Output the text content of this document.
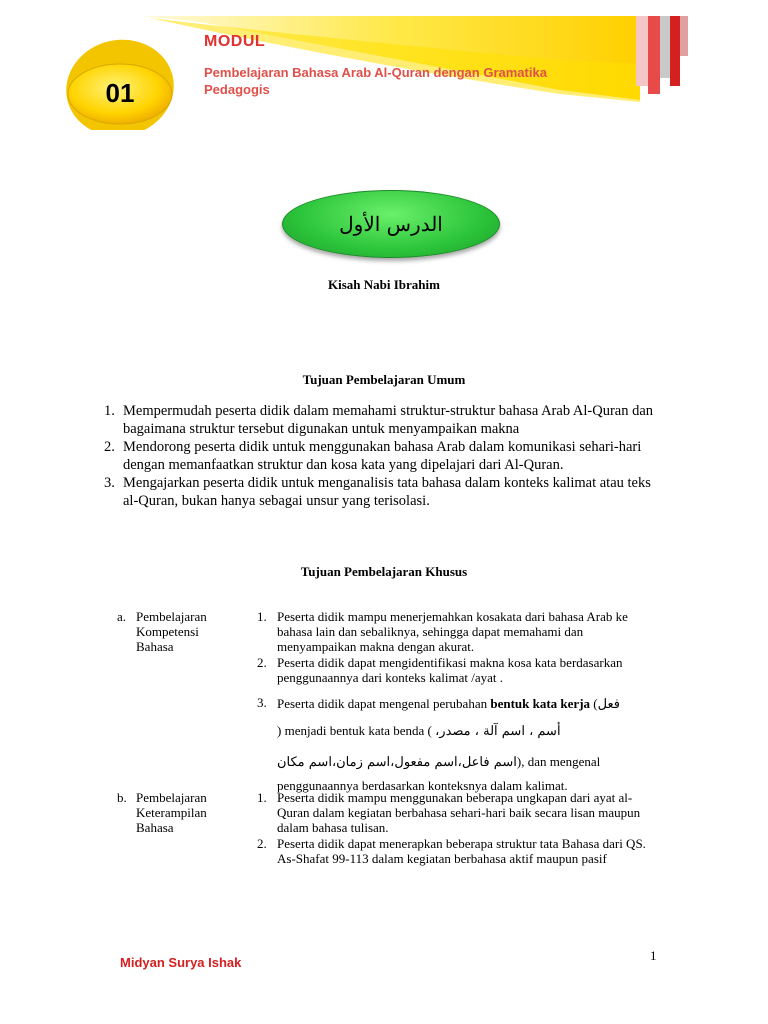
MODUL
Pembelajaran Bahasa Arab Al-Quran dengan Gramatika Pedagogis
01
الدرس الأول
Kisah Nabi Ibrahim
Tujuan Pembelajaran Umum
1. Mempermudah peserta didik dalam memahami struktur-struktur bahasa Arab Al-Quran dan bagaimana struktur tersebut digunakan untuk menyampaikan makna
2. Mendorong peserta didik untuk menggunakan bahasa Arab dalam komunikasi sehari-hari dengan memanfaatkan struktur dan kosa kata yang dipelajari dari Al-Quran.
3. Mengajarkan peserta didik untuk menganalisis tata bahasa dalam konteks kalimat atau teks al-Quran, bukan hanya sebagai unsur yang terisolasi.
Tujuan Pembelajaran Khusus
a. Pembelajaran Kompetensi Bahasa
1. Peserta didik mampu menerjemahkan kosakata dari bahasa Arab ke bahasa lain dan sebaliknya, sehingga dapat memahami dan menyampaikan makna dengan akurat.
2. Peserta didik dapat mengidentifikasi makna kosa kata berdasarkan penggunaannya dari konteks kalimat /ayat .
3. Peserta didik dapat mengenal perubahan bentuk kata kerja (فعل
) menjadi bentuk kata benda ( أسم ، اسم آلة ، مصدر،
اسم فاعل،اسم مفعول،اسم زمان،اسم مكان), dan mengenal
penggunaannya berdasarkan konteksnya dalam kalimat.
b. Pembelajaran Keterampilan Bahasa
1. Peserta didik mampu menggunakan beberapa ungkapan dari ayat al-Quran dalam kegiatan berbahasa sehari-hari baik secara lisan maupun dalam bahasa tulisan.
2. Peserta didik dapat menerapkan beberapa struktur tata Bahasa dari QS. As-Shafat 99-113 dalam kegiatan berbahasa aktif maupun pasif
Midyan Surya Ishak	1
